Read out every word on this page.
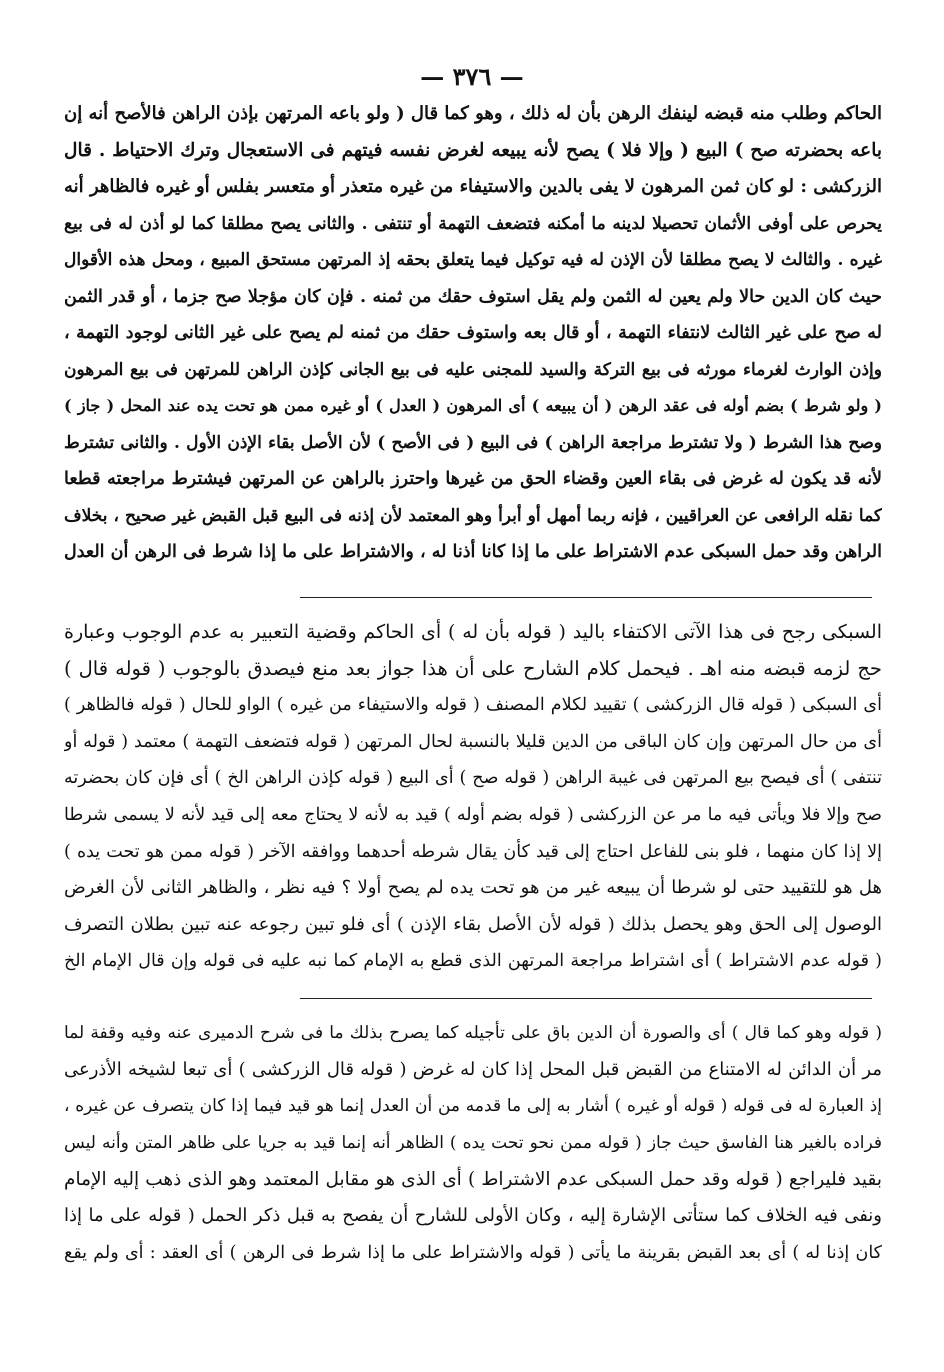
— ٣٧٦ —
الحاكم وطلب منه قبضه لينفك الرهن بأن له ذلك ، وهو كما قال ( ولو باعه المرتهن بإذن الراهن فالأصح أنه إن
باعه بحضرته صح ) البيع ( وإلا فلا ) يصح لأنه يبيعه لغرض نفسه فيتهم فى الاستعجال وترك الاحتياط . قال
الزركشى : لو كان ثمن المرهون لا يفى بالدين والاستيفاء من غيره متعذر أو متعسر بفلس أو غيره فالظاهر أنه
يحرص على أوفى الأثمان تحصيلا لدينه ما أمكنه فتضعف التهمة أو تنتفى . والثانى يصح مطلقا كما لو أذن له فى بيع
غيره . والثالث لا يصح مطلقا لأن الإذن له فيه توكيل فيما يتعلق بحقه إذ المرتهن مستحق المبيع ، ومحل هذه الأقوال
حيث كان الدين حالا ولم يعين له الثمن ولم يقل استوف حقك من ثمنه . فإن كان مؤجلا صح جزما ، أو قدر الثمن
له صح على غير الثالث لانتفاء التهمة ، أو قال بعه واستوف حقك من ثمنه لم يصح على غير الثانى لوجود التهمة ،
وإذن الوارث لغرماء مورثه فى بيع التركة والسيد للمجنى عليه فى بيع الجانى كإذن الراهن للمرتهن فى بيع المرهون
( ولو شرط ) بضم أوله فى عقد الرهن ( أن يبيعه ) أى المرهون ( العدل ) أو غيره ممن هو تحت يده عند المحل ( جاز )
وصح هذا الشرط ( ولا تشترط مراجعة الراهن ) فى البيع ( فى الأصح ) لأن الأصل بقاء الإذن الأول . والثانى تشترط
لأنه قد يكون له غرض فى بقاء العين وقضاء الحق من غيرها واحترز بالراهن عن المرتهن فيشترط مراجعته قطعا
كما نقله الرافعى عن العراقيين ، فإنه ربما أمهل أو أبرأ وهو المعتمد لأن إذنه فى البيع قبل القبض غير صحيح ، بخلاف
الراهن وقد حمل السبكى عدم الاشتراط على ما إذا كانا أذنا له ، والاشتراط على ما إذا شرط فى الرهن أن العدل
السبكى رجح فى هذا الآتى الاكتفاء باليد ( قوله بأن له ) أى الحاكم وقضية التعبير به عدم الوجوب وعبارة
حج لزمه قبضه منه اهـ . فيحمل كلام الشارح على أن هذا جواز بعد منع فيصدق بالوجوب ( قوله قال )
أى السبكى ( قوله قال الزركشى ) تقييد لكلام المصنف ( قوله والاستيفاء من غيره ) الواو للحال ( قوله فالظاهر )
أى من حال المرتهن وإن كان الباقى من الدين قليلا بالنسبة لحال المرتهن ( قوله فتضعف التهمة ) معتمد ( قوله أو
تنتفى ) أى فيصح بيع المرتهن فى غيبة الراهن ( قوله صح ) أى البيع ( قوله كإذن الراهن الخ ) أى فإن كان بحضرته
صح وإلا فلا ويأتى فيه ما مر عن الزركشى ( قوله بضم أوله ) قيد به لأنه لا يحتاج معه إلى قيد لأنه لا يسمى شرطا
إلا إذا كان منهما ، فلو بنى للفاعل احتاج إلى قيد كأن يقال شرطه أحدهما ووافقه الآخر ( قوله ممن هو تحت يده )
هل هو للتقييد حتى لو شرطا أن يبيعه غير من هو تحت يده لم يصح أولا ؟ فيه نظر ، والظاهر الثانى لأن الغرض
الوصول إلى الحق وهو يحصل بذلك ( قوله لأن الأصل بقاء الإذن ) أى فلو تبين رجوعه عنه تبين بطلان التصرف
( قوله عدم الاشتراط ) أى اشتراط مراجعة المرتهن الذى قطع به الإمام كما نبه عليه فى قوله وإن قال الإمام الخ
( قوله وهو كما قال ) أى والصورة أن الدين باق على تأجيله كما يصرح بذلك ما فى شرح الدميرى عنه وفيه وقفة لما
مر أن الدائن له الامتناع من القبض قبل المحل إذا كان له غرض ( قوله قال الزركشى ) أى تبعا لشيخه الأذرعى
إذ العبارة له فى قوله ( قوله أو غيره ) أشار به إلى ما قدمه من أن العدل إنما هو قيد فيما إذا كان يتصرف عن غيره ،
فراده بالغير هنا الفاسق حيث جاز ( قوله ممن نحو تحت يده ) الظاهر أنه إنما قيد به جريا على ظاهر المتن وأنه ليس
بقيد فليراجع ( قوله وقد حمل السبكى عدم الاشتراط ) أى الذى هو مقابل المعتمد وهو الذى ذهب إليه الإمام
ونفى فيه الخلاف كما ستأتى الإشارة إليه ، وكان الأولى للشارح أن يفصح به قبل ذكر الحمل ( قوله على ما إذا
كان إذنا له ) أى بعد القبض بقرينة ما يأتى ( قوله والاشتراط على ما إذا شرط فى الرهن ) أى العقد : أى ولم يقع
